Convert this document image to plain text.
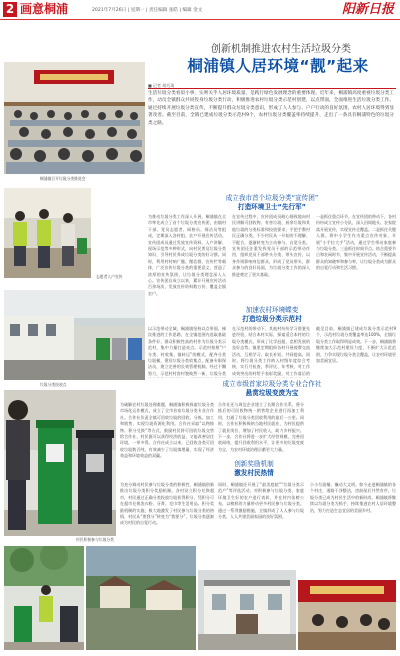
2 画意桐浦	2021年7月26日 | 星期一 | 责任编辑 张皓 | 编辑 金文	阳新日报
桐浦镇召开垃圾分类推进会
志愿者入户宣传
垃圾分类投放点
村民积极参与垃圾分类
创新机制推进农村生活垃圾分类
桐浦镇人居环境“靓”起来
■ 记者 胡巧琦
生活垃圾分类看似小事，实则关乎人居环境质量，是践行绿色发展理念的重要体现。近年来，桐浦镇高度重视垃圾分类工作，动员全镇群众共同投身垃圾分类行动，积极推进农村垃圾分类示范村创建，以点带面，全面推进生活垃圾分类工作。通过持续开展垃圾分类宣传，不断提升群众垃圾分类意识，形成了人人参与、户户行动的良好氛围，农村人居环境得到显著改善。截至目前，全镇已建成垃圾分类示范村9个，农村垃圾分类覆盖率持续提升，走出了一条具有桐浦特色的垃圾分类之路。
成立我市首个垃圾分类“宣传团”
打造环境卫士“先行军”
为推动垃圾分类工作深入开展，桐浦镇在全市率先成立了首个垃圾分类宣传团，由镇村干部、党员志愿者、网格员、保洁员等组成，定期深入各村组、农户开展宣传活动。宣传团成员通过发放宣传资料、入户讲解、现场示范等多种形式，向村民普及垃圾分类知识，引导村民养成垃圾分类的好习惯。同时，利用村村响广播、微信群、宣传栏等载体，广泛宣传垃圾分类的重要意义，营造了浓厚的宣传氛围，让垃圾分类理念深入人心。宣传团自成立以来，累计开展宣传活动百余场次，发放宣传资料数万份，覆盖全镇农户。
在宣传过程中，宣传团成员耐心细致地向村民讲解可回收物、有害垃圾、厨余垃圾和其他垃圾的分类标准和投放要求，手把手教村民正确分类。不少村民从一开始的不理解、不配合，逐渐转变为主动参与、自觉分类。宣传团还注重发挥党员干部的示范带动作用，组织党员干部带头分类、带头宣传，以身作则影响身边群众，形成了党员带头、群众参与的良好局面，为垃圾分类工作的深入推进奠定了坚实基础。
一是抓住重点环节。在宣传团的带动下，各村纷纷成立宣传小分队，深入田间地头、农家院落开展宣传，实现宣传全覆盖。二是抓住关键人群。将中小学生作为重点宣传对象，开展“小手拉大手”活动，通过学生带动家庭参与垃圾分类。三是抓住时间节点。结合重要节日和农闲时节，集中开展宣传活动，不断提高群众的知晓率和参与率，让垃圾分类成为群众的自觉行动和生活习惯。
加速农村环境蝶变
打造垃圾分类示范村
以示范带动全域，桐浦镇坚持以点带面、梯次推进的工作思路，在全镇范围内选取基础条件好、群众积极性高的村作为垃圾分类示范村，集中力量打造亮点。示范村按照“户分类、村收集、镇转运”的模式，配齐分类垃圾桶，建设垃圾分类收集点，配备专职保洁员，建立完善的长效管理机制。经过不懈努力，示范村村容村貌焕然一新，垃圾分类
在示范村的带动下，其他村纷纷学习借鉴先进经验，结合本村实际，探索适合本村的垃圾分类模式，形成了比学赶超、竞相发展的良好态势。镇里定期组织各村开展观摩交流活动，互相学习、取长补短，共同提高。同时，将垃圾分类工作纳入村级年度综合考核，实行月检查、季评比、年考核，对工作成效突出的村给予表彰奖励，对工作落后的
截至目前，桐浦镇已建成垃圾分类示范村9个，示范村垃圾分类覆盖率达100%，全镇垃圾分类工作取得明显成效。下一步，桐浦镇将继续加大示范村建设力度，不断扩大示范范围，力争实现垃圾分类全覆盖，让农村环境更加美丽宜居。
成立市级首家垃圾分类专业合作社
悬赏垃圾变废为宝
为破解农村垃圾处理难题，桐浦镇积极探索垃圾分类市场化运作模式，成立了全市首家垃圾分类专业合作社。合作社负责全镇可回收垃圾的回收、分拣、加工和销售，实现垃圾资源化利用。合作社采取“以物换物、积分兑换”等方式，鼓励村民将可回收垃圾交售给合作社，村民既可以获得经济收益，又能改善居住环境，一举多得。合作社成立以来，已回收各类可回收垃圾数百吨，有效减少了垃圾填埋量，实现了经济效益和环境效益的双赢。
合作社还与周边企业建立了长期合作关系，将分拣后的可回收物统一销售给企业进行再加工利用，打通了垃圾分类回收利用的最后一公里。同时，合作社积极吸纳当地村民就业，为村民提供了就业岗位，增加了村民收入，助力乡村振兴。下一步，合作社将进一步扩大经营规模，完善回收网络，提升回收利用水平，让更多的垃圾变废为宝，为农村环境治理贡献更大力量。
创新奖励机制
激发村民热情
为充分调动村民参与垃圾分类的积极性，桐浦镇创新推出垃圾分类积分奖励机制。各村设立积分兑换超市，村民通过正确分类投放垃圾获得积分，凭积分可在超市兑换洗衣粉、牙膏、毛巾等生活用品。积分奖励机制的实施，极大地激发了村民参与垃圾分类的热情，村民从“要我分”转变为“我要分”，垃圾分类逐渐成为村民的自觉行动。
同时，桐浦镇还开展了“最美庭院”“垃圾分类示范户”等评选活动，对积极参与垃圾分类、家庭环境卫生好的农户进行表彰，并在村内张榜公布，以榜样的力量带动更多村民参与垃圾分类。通过一系列激励措施，全镇形成了人人参与垃圾分类、人人共建美丽家园的良好氛围。
小小垃圾桶，撬动大文明。如今走进桐浦镇的各个村庄，道路干净整洁，房前屋后井然有序，垃圾分类已成为村民生活中的新时尚。桐浦镇将继续以垃圾分类为抓手，持续推进农村人居环境整治，努力打造生态宜居的美丽乡村。
